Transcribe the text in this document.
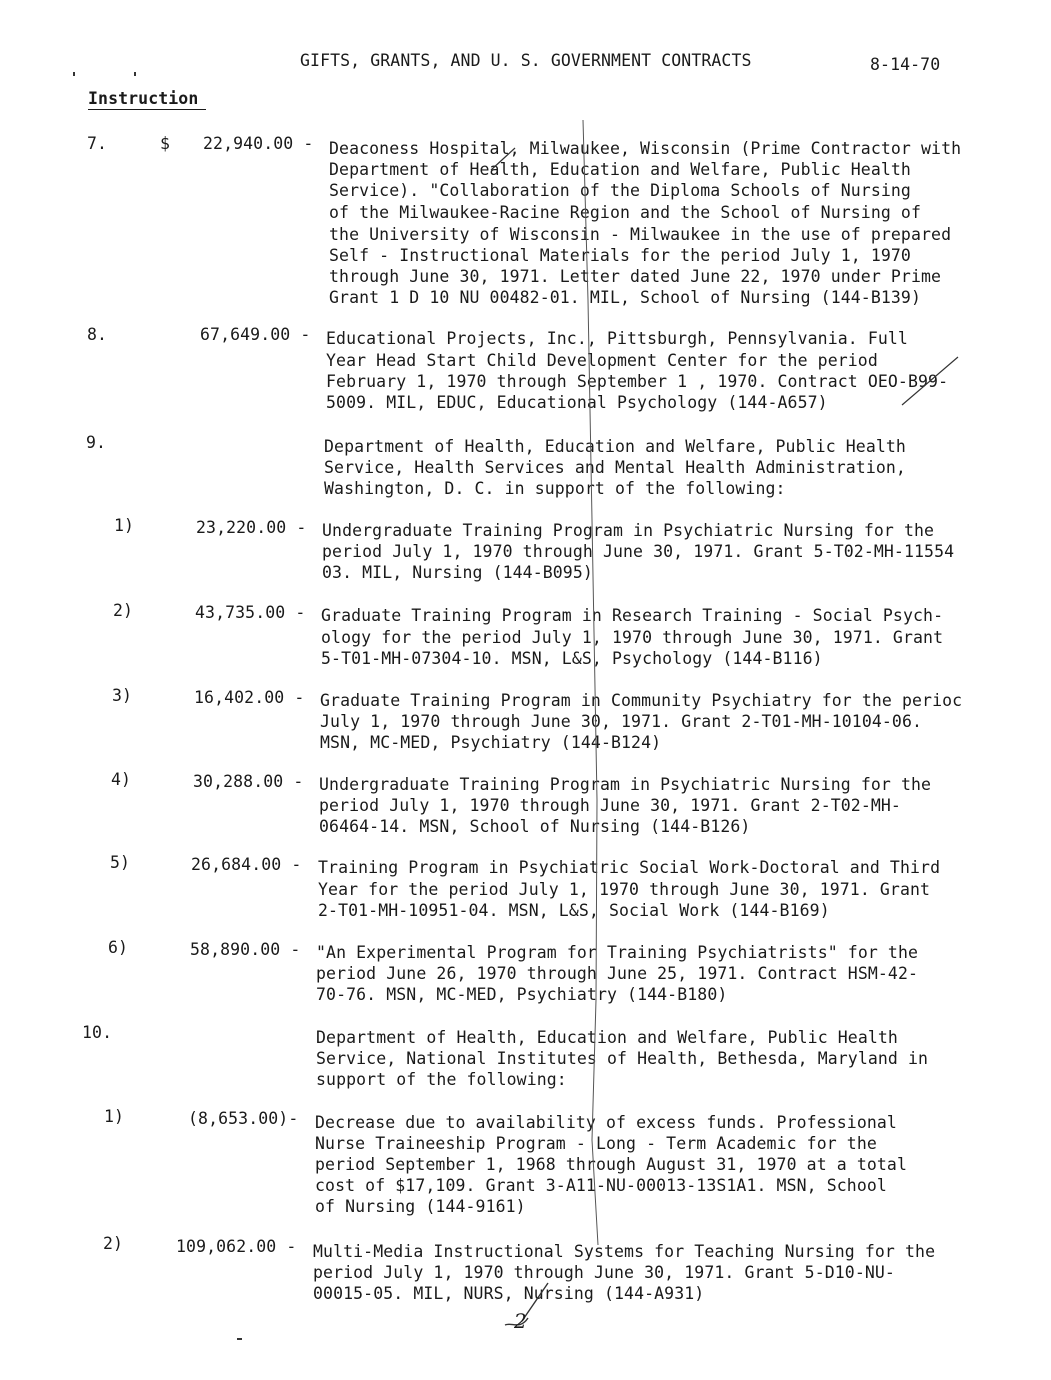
GIFTS, GRANTS, AND U. S. GOVERNMENT CONTRACTS	8-14-70
Instruction
7.	$ 22,940.00 - Deaconess Hospital, Milwaukee, Wisconsin (Prime Contractor with
Department of Health, Education and Welfare, Public Health
Service). "Collaboration of the Diploma Schools of Nursing
of the Milwaukee-Racine Region and the School of Nursing of
the University of Wisconsin - Milwaukee in the use of prepared
Self - Instructional Materials for the period July 1, 1970
through June 30, 1971. Letter dated June 22, 1970 under Prime
Grant 1 D 10 NU 00482-01. MIL, School of Nursing (144-B139)
8.	67,649.00 - Educational Projects, Inc., Pittsburgh, Pennsylvania. Full
Year Head Start Child Development Center for the period
February 1, 1970 through September 1 , 1970. Contract OEO-B99-
5009. MIL, EDUC, Educational Psychology (144-A657)
9.	Department of Health, Education and Welfare, Public Health
Service, Health Services and Mental Health Administration,
Washington, D. C. in support of the following:
1)	23,220.00 - Undergraduate Training Program in Psychiatric Nursing for the
period July 1, 1970 through June 30, 1971. Grant 5-T02-MH-11554
03. MIL, Nursing (144-B095)
2)	43,735.00 - Graduate Training Program in Research Training - Social Psych-
ology for the period July 1, 1970 through June 30, 1971. Grant
5-T01-MH-07304-10. MSN, L&S, Psychology (144-B116)
3)	16,402.00 - Graduate Training Program in Community Psychiatry for the perioc
July 1, 1970 through June 30, 1971. Grant 2-T01-MH-10104-06.
MSN, MC-MED, Psychiatry (144-B124)
4)	30,288.00 - Undergraduate Training Program in Psychiatric Nursing for the
period July 1, 1970 through June 30, 1971. Grant 2-T02-MH-
06464-14. MSN, School of Nursing (144-B126)
5)	26,684.00 - Training Program in Psychiatric Social Work-Doctoral and Third
Year for the period July 1, 1970 through June 30, 1971. Grant
2-T01-MH-10951-04. MSN, L&S, Social Work (144-B169)
6)	58,890.00 - "An Experimental Program for Training Psychiatrists" for the
period June 26, 1970 through June 25, 1971. Contract HSM-42-
70-76. MSN, MC-MED, Psychiatry (144-B180)
10.	Department of Health, Education and Welfare, Public Health
Service, National Institutes of Health, Bethesda, Maryland in
support of the following:
1)	(8,653.00)- Decrease due to availability of excess funds. Professional
Nurse Traineeship Program - Long - Term Academic for the
period September 1, 1968 through August 31, 1970 at a total
cost of $17,109. Grant 3-A11-NU-00013-13S1A1. MSN, School
of Nursing (144-9161)
2)	109,062.00 - Multi-Media Instructional Systems for Teaching Nursing for the
period July 1, 1970 through June 30, 1971. Grant 5-D10-NU-
00015-05. MIL, NURS, Nursing (144-A931)
2
